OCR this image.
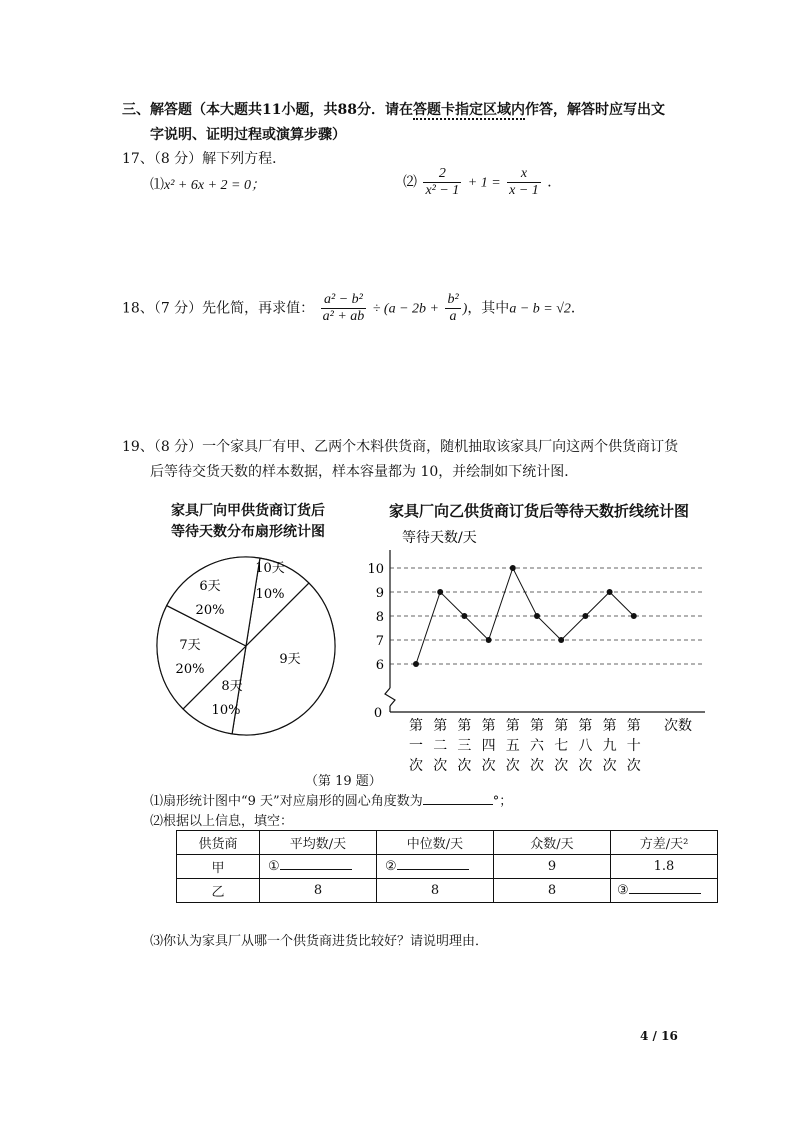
三、解答题（本大题共11小题，共88分．请在答题卡指定区域内作答，解答时应写出文
字说明、证明过程或演算步骤）
17、（8 分）解下列方程．
⑴x² + 6x + 2 = 0；	⑵ $\frac{2}{\text{x² − 1}} + 1 = \frac{x}{x - 1}$ ．
18、（7 分）先化简，再求值： $\frac{\text{a² − b²}}{\text{a² + ab}} \div (a - 2b + \frac{\text{b²}}{a}$ )，其中a − b = √2．
19、（8 分）一个家具厂有甲、乙两个木料供货商，随机抽取该家具厂向这两个供货商订货
后等待交货天数的样本数据，样本容量都为 10，并绘制如下统计图．
家具厂向甲供货商订货后
等待天数分布扇形统计图
10天
10%
9天
8天
10%
7天
20%
6天
20%
家具厂向乙供货商订货后等待天数折线统计图
等待天数/天
0
6
7
8
9
10
第一次
第二次
第三次
第四次
第五次
第六次
第七次
第八次
第九次
第十次
次数
（第 19 题）
⑴扇形统计图中“9 天”对应扇形的圆心角度数为	°；
⑵根据以上信息，填空：
供货商	平均数/天	中位数/天	众数/天	方差/天²
甲	①	②	9	1.8
乙	8	8	8	③
⑶你认为家具厂从哪一个供货商进货比较好？请说明理由．
4 / 16
